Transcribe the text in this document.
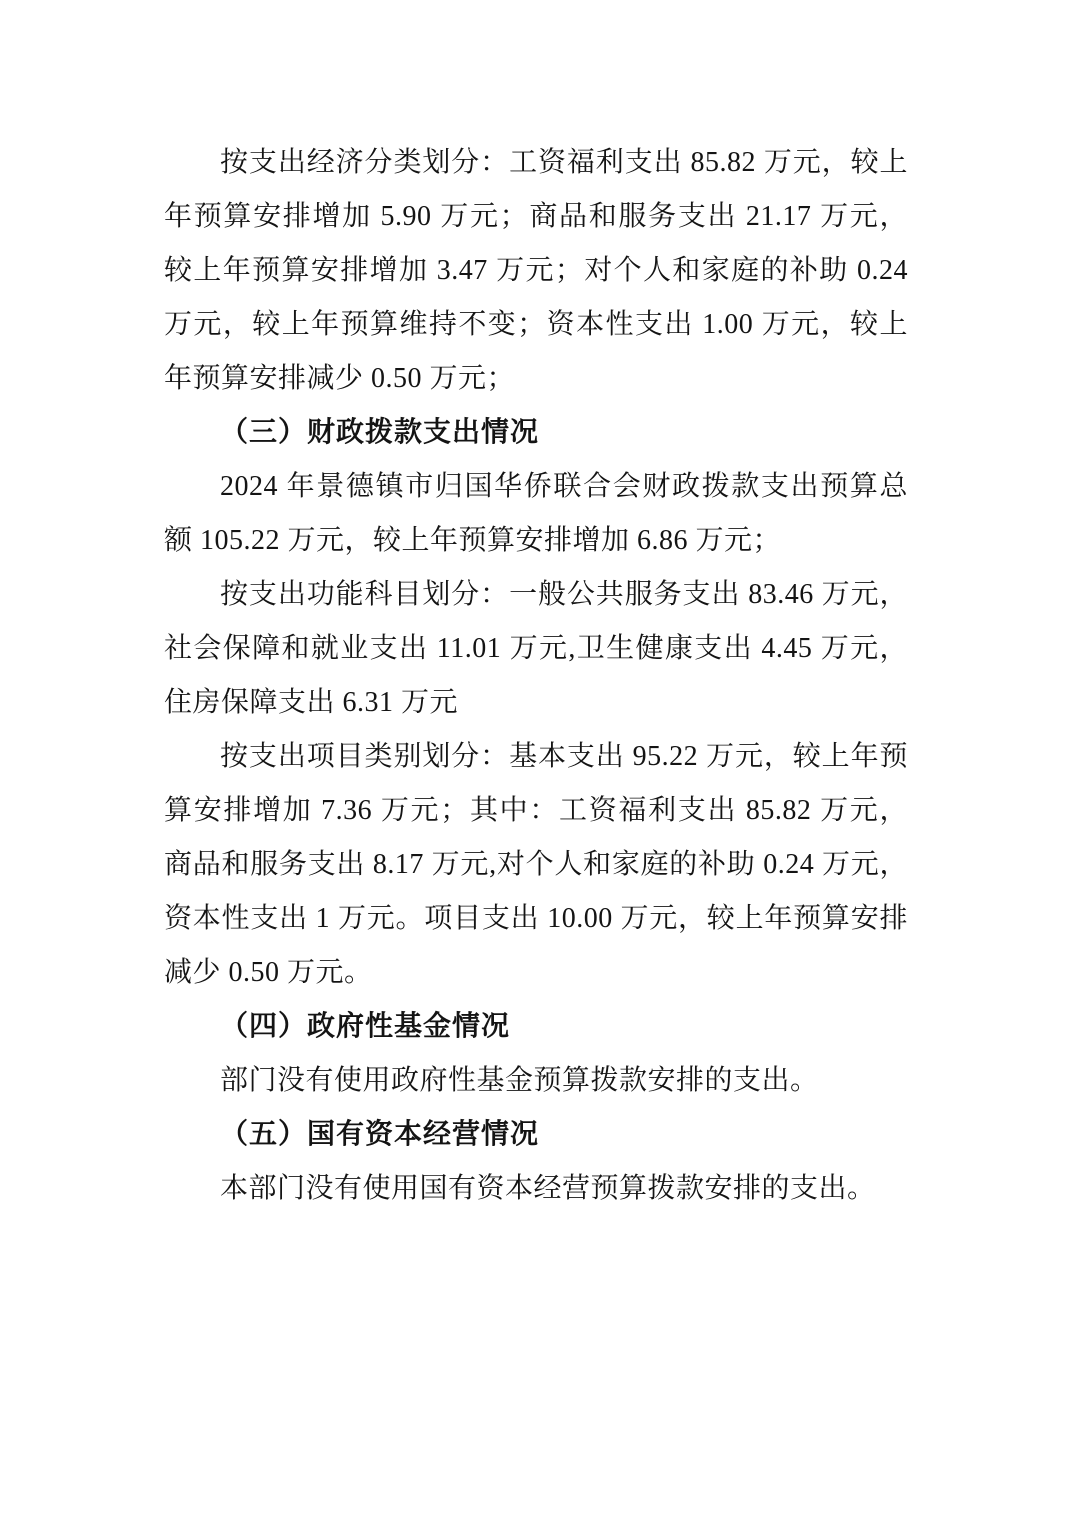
按支出经济分类划分：工资福利支出 85.82 万元，较上年预算安排增加 5.90 万元；商品和服务支出 21.17 万元，较上年预算安排增加 3.47 万元；对个人和家庭的补助 0.24 万元，较上年预算维持不变；资本性支出 1.00 万元，较上年预算安排减少 0.50 万元；

（三）财政拨款支出情况

2024 年景德镇市归国华侨联合会财政拨款支出预算总额 105.22 万元，较上年预算安排增加 6.86 万元；

按支出功能科目划分：一般公共服务支出 83.46 万元，社会保障和就业支出 11.01 万元,卫生健康支出 4.45 万元，住房保障支出 6.31 万元

按支出项目类别划分：基本支出 95.22 万元，较上年预算安排增加 7.36 万元；其中：工资福利支出 85.82 万元，商品和服务支出 8.17 万元,对个人和家庭的补助 0.24 万元，资本性支出 1 万元。项目支出 10.00 万元，较上年预算安排减少 0.50 万元。

（四）政府性基金情况

部门没有使用政府性基金预算拨款安排的支出。

（五）国有资本经营情况

本部门没有使用国有资本经营预算拨款安排的支出。
